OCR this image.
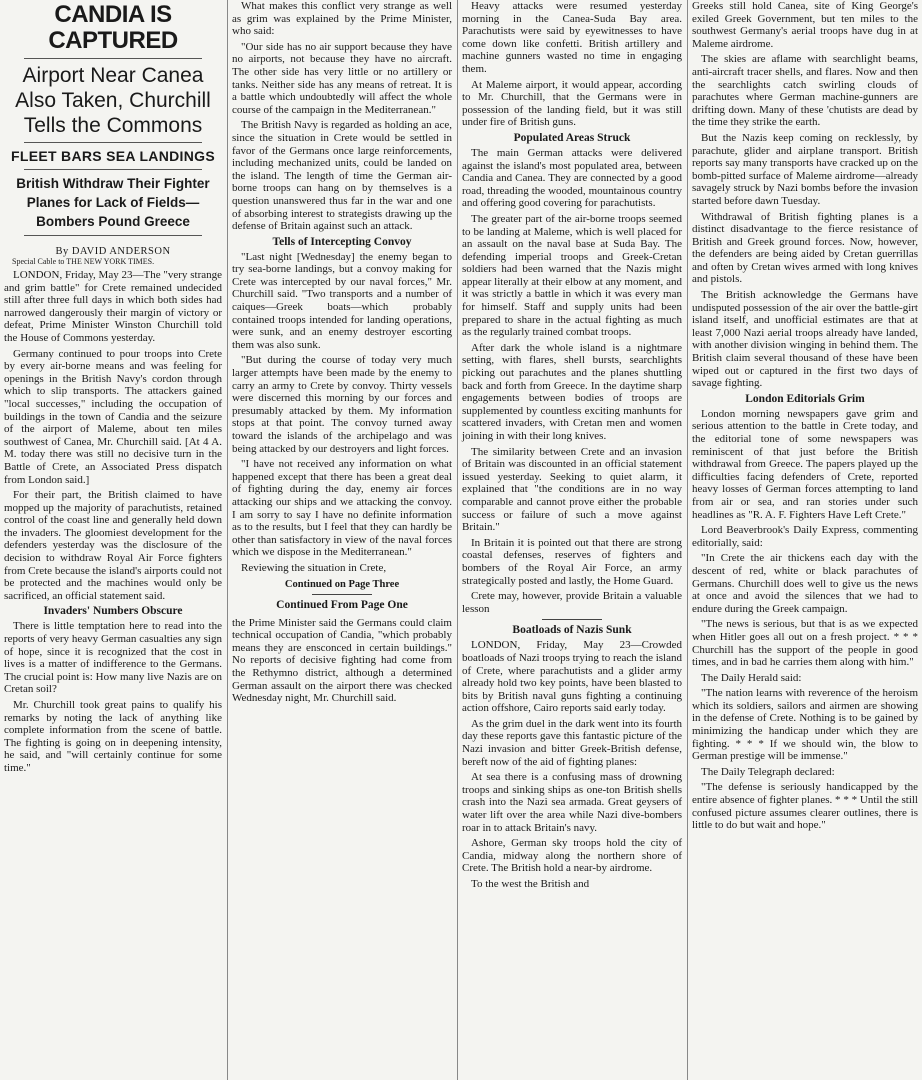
CANDIA IS CAPTURED
Airport Near Canea Also Taken, Churchill Tells the Commons
FLEET BARS SEA LANDINGS
British Withdraw Their Fighter Planes for Lack of Fields—Bombers Pound Greece
By DAVID ANDERSON
Special Cable to THE NEW YORK TIMES.

LONDON, Friday, May 23—The "very strange and grim battle" for Crete remained undecided still after three full days in which both sides had narrowed dangerously their margin of victory or defeat, Prime Minister Winston Churchill told the House of Commons yesterday.

Germany continued to pour troops into Crete by every air-borne means and was feeling for openings in the British Navy's cordon through which to slip transports. The attackers gained "local successes," including the occupation of buildings in the town of Candia and the seizure of the airport of Maleme, about ten miles southwest of Canea, Mr. Churchill said. [At 4 A. M. today there was still no decisive turn in the Battle of Crete, an Associated Press dispatch from London said.]

For their part, the British claimed to have mopped up the majority of parachutists, retained control of the coast line and generally held down the invaders. The gloomiest development for the defenders yesterday was the disclosure of the decision to withdraw Royal Air Force fighters from Crete because the island's airports could not be protected and the machines would only be sacrificed, an official statement said.

Invaders' Numbers Obscure

There is little temptation here to read into the reports of very heavy German casualties any sign of hope, since it is recognized that the cost in lives is a matter of indifference to the Germans. The crucial point is: How many live Nazis are on Cretan soil?

Mr. Churchill took great pains to qualify his remarks by noting the lack of anything like complete information from the scene of battle. The fighting is going on in deepening intensity, he said, and "will certainly continue for some time."

What makes this conflict very strange as well as grim was explained by the Prime Minister, who said:

"Our side has no air support because they have no airports, not because they have no aircraft. The other side has very little or no artillery or tanks. Neither side has any means of retreat. It is a battle which undoubtedly will affect the whole course of the campaign in the Mediterranean."

The British Navy is regarded as holding an ace, since the situation in Crete would be settled in favor of the Germans once large reinforcements, including mechanized units, could be landed on the island. The length of time the German air-borne troops can hang on by themselves is a question unanswered thus far in the war and one of absorbing interest to strategists drawing up the defense of Britain against such an attack.

Tells of Intercepting Convoy

"Last night [Wednesday] the enemy began to try sea-borne landings, but a convoy making for Crete was intercepted by our naval forces," Mr. Churchill said. "Two transports and a number of caiques—Greek boats—which probably contained troops intended for landing operations, were sunk, and an enemy destroyer escorting them was also sunk.

"But during the course of today very much larger attempts have been made by the enemy to carry an army to Crete by convoy. Thirty vessels were discerned this morning by our forces and presumably attacked by them. My information stops at that point. The convoy turned away toward the islands of the archipelago and was being attacked by our destroyers and light forces.

"I have not received any information on what happened except that there has been a great deal of fighting during the day, enemy air forces attacking our ships and we attacking the convoy. I am sorry to say I have no definite information as to the results, but I feel that they can hardly be other than satisfactory in view of the naval forces which we dispose in the Mediterranean."

Reviewing the situation in Crete,

Continued on Page Three
Continued From Page One

the Prime Minister said the Germans could claim technical occupation of Candia, "which probably means they are ensconced in certain buildings." No reports of decisive fighting had come from the Rethymno district, although a determined German assault on the airport there was checked Wednesday night, Mr. Churchill said.

Heavy attacks were resumed yesterday morning in the Canea-Suda Bay area. Parachutists were said by eyewitnesses to have come down like confetti. British artillery and machine gunners wasted no time in engaging them.

At Maleme airport, it would appear, according to Mr. Churchill, that the Germans were in possession of the landing field, but it was still under fire of British guns.

Populated Areas Struck

The main German attacks were delivered against the island's most populated area, between Candia and Canea. They are connected by a good road, threading the wooded, mountainous country and offering good covering for parachutists.

The greater part of the air-borne troops seemed to be landing at Maleme, which is well placed for an assault on the naval base at Suda Bay. The defending imperial troops and Greek-Cretan soldiers had been warned that the Nazis might appear literally at their elbow at any moment, and it was strictly a battle in which it was every man for himself. Staff and supply units had been prepared to share in the actual fighting as much as the regularly trained combat troops.

After dark the whole island is a nightmare setting, with flares, shell bursts, searchlights picking out parachutes and the planes shuttling back and forth from Greece. In the daytime sharp engagements between bodies of troops are supplemented by countless exciting manhunts for scattered invaders, with Cretan men and women joining in with their long knives.

The similarity between Crete and an invasion of Britain was discounted in an official statement issued yesterday. Seeking to quiet alarm, it explained that "the conditions are in no way comparable and cannot prove either the probable success or failure of such a move against Britain."

In Britain it is pointed out that there are strong coastal defenses, reserves of fighters and bombers of the Royal Air Force, an army strategically posted and lastly, the Home Guard.

Crete may, however, provide Britain a valuable lesson

Boatloads of Nazis Sunk

LONDON, Friday, May 23—Crowded boatloads of Nazi troops trying to reach the island of Crete, where parachutists and a glider army already hold two key points, have been blasted to bits by British naval guns fighting a continuing action offshore, Cairo reports said early today.

As the grim duel in the dark went into its fourth day these reports gave this fantastic picture of the Nazi invasion and bitter Greek-British defense, bereft now of the aid of fighting planes:

At sea there is a confusing mass of drowning troops and sinking ships as one-ton British shells crash into the Nazi sea armada. Great geysers of water lift over the area while Nazi dive-bombers roar in to attack Britain's navy.

Ashore, German sky troops hold the city of Candia, midway along the northern shore of Crete. The British hold a near-by airdrome.

To the west the British and

Greeks still hold Canea, site of King George's exiled Greek Government, but ten miles to the southwest Germany's aerial troops have dug in at Maleme airdrome.

The skies are aflame with searchlight beams, anti-aircraft tracer shells, and flares. Now and then the searchlights catch swirling clouds of parachutes where German machine-gunners are drifting down. Many of these 'chutists are dead by the time they strike the earth.

But the Nazis keep coming on recklessly, by parachute, glider and airplane transport. British reports say many transports have cracked up on the bomb-pitted surface of Maleme airdrome—already savagely struck by Nazi bombs before the invasion started before dawn Tuesday.

Withdrawal of British fighting planes is a distinct disadvantage to the fierce resistance of British and Greek ground forces. Now, however, the defenders are being aided by Cretan guerrillas and often by Cretan wives armed with long knives and pistols.

The British acknowledge the Germans have undisputed possession of the air over the battle-girt island itself, and unofficial estimates are that at least 7,000 Nazi aerial troops already have landed, with another division winging in behind them. The British claim several thousand of these have been wiped out or captured in the first two days of savage fighting.

London Editorials Grim

London morning newspapers gave grim and serious attention to the battle in Crete today, and the editorial tone of some newspapers was reminiscent of that just before the British withdrawal from Greece. The papers played up the difficulties facing defenders of Crete, reported heavy losses of German forces attempting to land from air or sea, and ran stories under such headlines as "R. A. F. Fighters Have Left Crete."

Lord Beaverbrook's Daily Express, commenting editorially, said:

"In Crete the air thickens each day with the descent of red, white or black parachutes of Germans. Churchill does well to give us the news at once and avoid the silences that we had to endure during the Greek campaign.

"The news is serious, but that is as we expected when Hitler goes all out on a fresh project. * * * Churchill has the support of the people in good times, and in bad he carries them along with him."

The Daily Herald said:

"The nation learns with reverence of the heroism which its soldiers, sailors and airmen are showing in the defense of Crete. Nothing is to be gained by minimizing the handicap under which they are fighting. * * * If we should win, the blow to German prestige will be immense."

The Daily Telegraph declared:

"The defense is seriously handicapped by the entire absence of fighter planes. * * * Until the still confused picture assumes clearer outlines, there is little to do but wait and hope."
